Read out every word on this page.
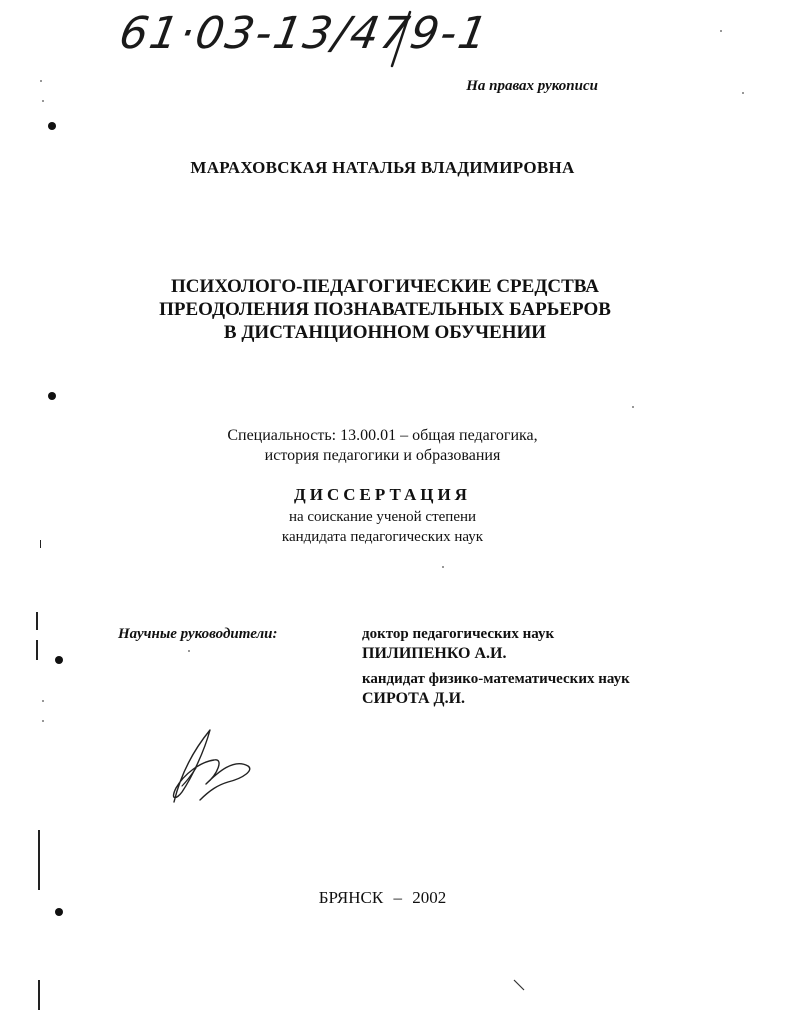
61·03-13/479-1
На правах рукописи
МАРАХОВСКАЯ НАТАЛЬЯ ВЛАДИМИРОВНА
ПСИХОЛОГО-ПЕДАГОГИЧЕСКИЕ СРЕДСТВА
ПРЕОДОЛЕНИЯ ПОЗНАВАТЕЛЬНЫХ БАРЬЕРОВ
В ДИСТАНЦИОННОМ ОБУЧЕНИИ
Специальность: 13.00.01 – общая педагогика,
история педагогики и образования
ДИССЕРТАЦИЯ
на соискание ученой степени
кандидата педагогических наук
Научные руководители:	доктор педагогических наук
ПИЛИПЕНКО А.И.
кандидат физико-математических наук
СИРОТА Д.И.
БРЯНСК – 2002
